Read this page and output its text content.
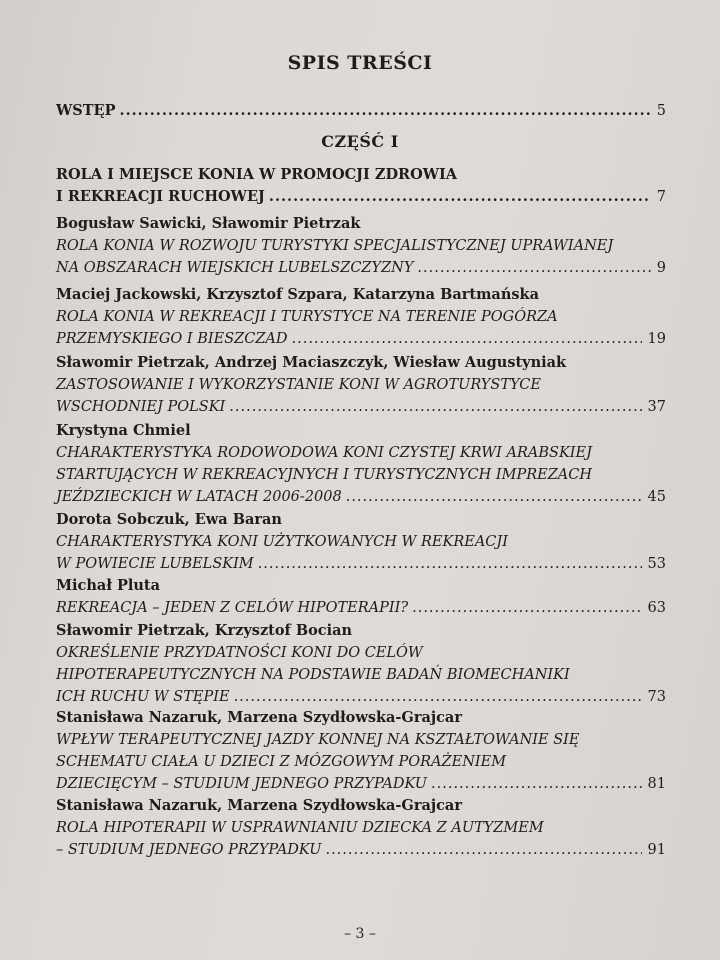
SPIS TREŚCI
WSTĘP .....	5
CZĘŚĆ I
ROLA I MIEJSCE KONIA W PROMOCJI ZDROWIA
I REKREACJI RUCHOWEJ .....	7
Bogusław Sawicki, Sławomir Pietrzak
ROLA KONIA W ROZWOJU TURYSTYKI SPECJALISTYCZNEJ UPRAWIANEJ
NA OBSZARACH WIEJSKICH LUBELSZCZYZNY .....	9
Maciej Jackowski, Krzysztof Szpara, Katarzyna Bartmańska
ROLA KONIA W REKREACJI I TURYSTYCE NA TERENIE POGÓRZA
PRZEMYSKIEGO I BIESZCZAD .....	19
Sławomir Pietrzak, Andrzej Maciaszczyk, Wiesław Augustyniak
ZASTOSOWANIE I WYKORZYSTANIE KONI W AGROTURYSTYCE
WSCHODNIEJ POLSKI .....	37
Krystyna Chmiel
CHARAKTERYSTYKA RODOWODOWA KONI CZYSTEJ KRWI ARABSKIEJ
STARTUJĄCYCH W REKREACYJNYCH I TURYSTYCZNYCH IMPREZACH
JEŹDZIECKICH W LATACH 2006-2008 .....	45
Dorota Sobczuk, Ewa Baran
CHARAKTERYSTYKA KONI UŻYTKOWANYCH W REKREACJI
W POWIECIE LUBELSKIM .....	53
Michał Pluta
REKREACJA – JEDEN Z CELÓW HIPOTERAPII? .....	63
Sławomir Pietrzak, Krzysztof Bocian
OKREŚLENIE PRZYDATNOŚCI KONI DO CELÓW
HIPOTERAPEUTYCZNYCH NA PODSTAWIE BADAŃ BIOMECHANIKI
ICH RUCHU W STĘPIE .....	73
Stanisława Nazaruk, Marzena Szydłowska-Grajcar
WPŁYW TERAPEUTYCZNEJ JAZDY KONNEJ NA KSZTAŁTOWANIE SIĘ
SCHEMATU CIAŁA U DZIECI Z MÓZGOWYM PORAŻENIEM
DZIECIĘCYM – STUDIUM JEDNEGO PRZYPADKU .....	81
Stanisława Nazaruk, Marzena Szydłowska-Grajcar
ROLA HIPOTERAPII W USPRAWNIANIU DZIECKA Z AUTYZMEM
– STUDIUM JEDNEGO PRZYPADKU .....	91
– 3 –
